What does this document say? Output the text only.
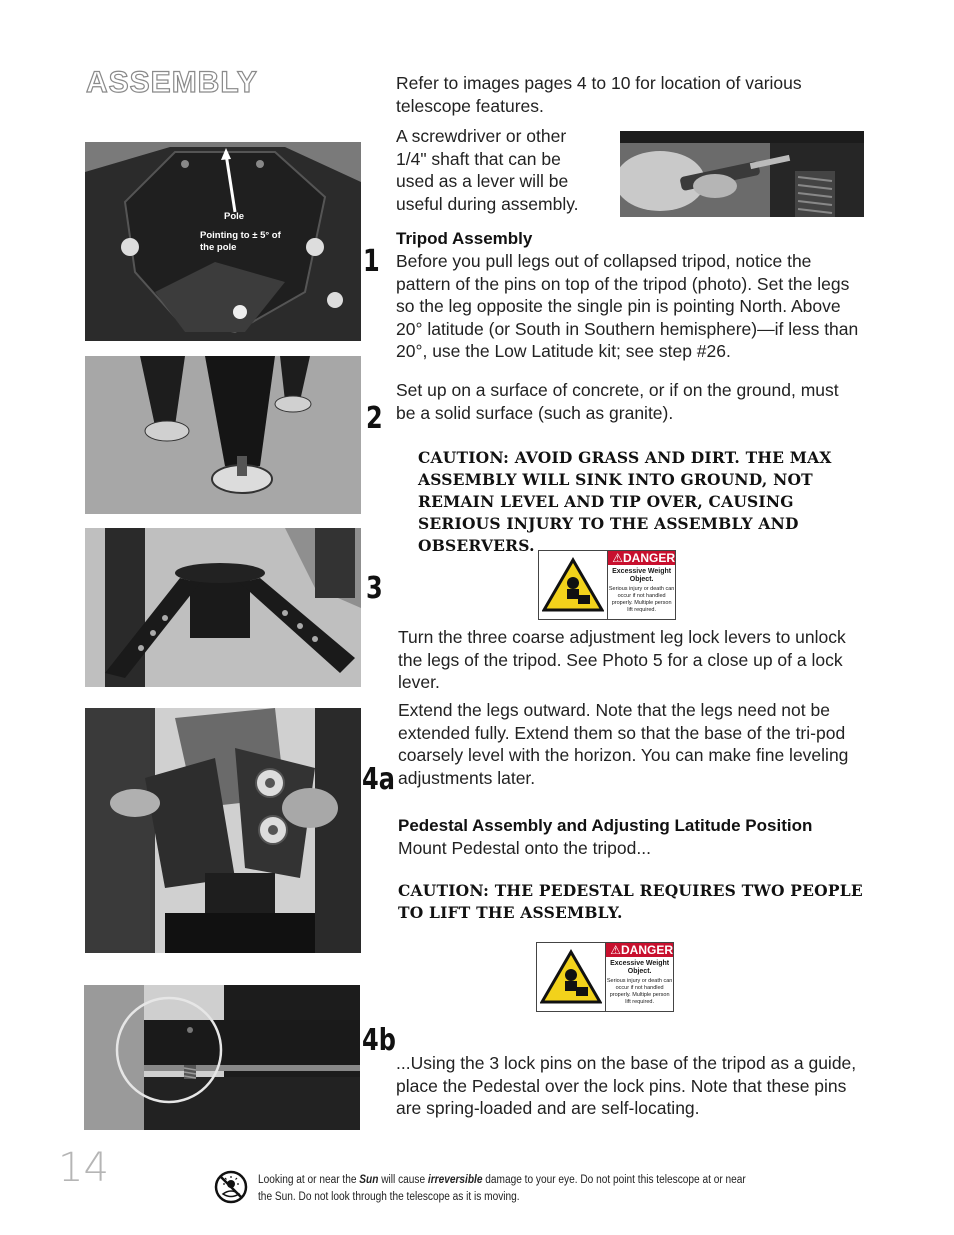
ASSEMBLY	Refer to images pages 4 to 10 for location of various telescope features.
A screwdriver or other 1/4" shaft that can be used as a lever will be useful during assembly.
Pole
Pointing to ± 5° of the pole	1
2
3
4a
4b
Tripod Assembly
Before you pull legs out of collapsed tripod, notice the pattern of the pins on top of the tripod (photo). Set the legs so the leg opposite the single pin is pointing North. Above 20° latitude (or South in Southern hemisphere)—if less than 20°, use the Low Latitude kit; see step #26.
Set up on a surface of concrete, or if on the ground, must be a solid surface (such as granite).
CAUTION: AVOID GRASS AND DIRT. THE MAX ASSEMBLY WILL SINK INTO GROUND, NOT REMAIN LEVEL AND TIP OVER, CAUSING SERIOUS INJURY TO THE ASSEMBLY AND OBSERVERS.
⚠DANGER
Excessive Weight Object.
Serious injury or death can occur if not handled properly. Multiple person lift required.
Turn the three coarse adjustment leg lock levers to unlock the legs of the tripod. See Photo 5 for a close up of a lock lever.
Extend the legs outward. Note that the legs need not be extended fully. Extend them so that the base of the tri-pod coarsely level with the horizon. You can make fine leveling adjustments later.
Pedestal Assembly and Adjusting Latitude Position
Mount Pedestal onto the tripod...
CAUTION: THE PEDESTAL REQUIRES TWO PEOPLE TO LIFT THE ASSEMBLY.
⚠DANGER
Excessive Weight Object.
Serious injury or death can occur if not handled properly. Multiple person lift required.
...Using the 3 lock pins on the base of the tripod as a guide, place the Pedestal over the lock pins. Note that these pins are spring-loaded and are self-locating.
14	Looking at or near the Sun will cause irreversible damage to your eye. Do not point this telescope at or near the Sun. Do not look through the telescope as it is moving.
